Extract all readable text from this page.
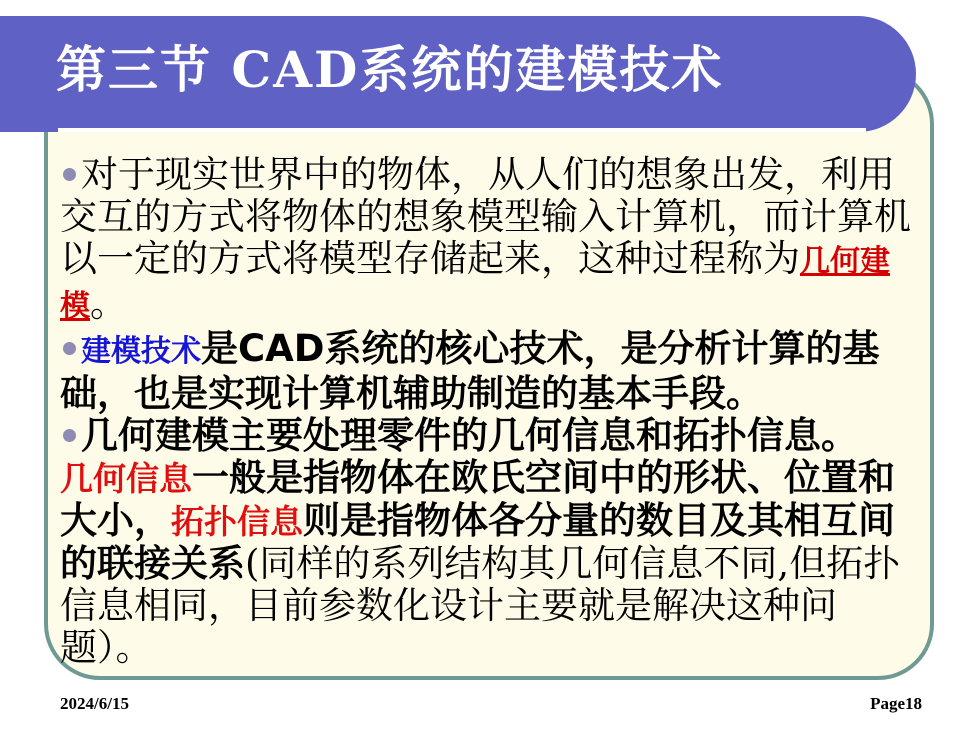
第三节 CAD系统的建模技术

对于现实世界中的物体，从人们的想象出发，利用交互的方式将物体的想象模型输入计算机，而计算机以一定的方式将模型存储起来，这种过程称为几何建模。

建模技术是CAD系统的核心技术，是分析计算的基础，也是实现计算机辅助制造的基本手段。

几何建模主要处理零件的几何信息和拓扑信息。
几何信息一般是指物体在欧氏空间中的形状、位置和大小，拓扑信息则是指物体各分量的数目及其相互间的联接关系(同样的系列结构其几何信息不同,但拓扑信息相同，目前参数化设计主要就是解决这种问题）。

2024/6/15	Page18
